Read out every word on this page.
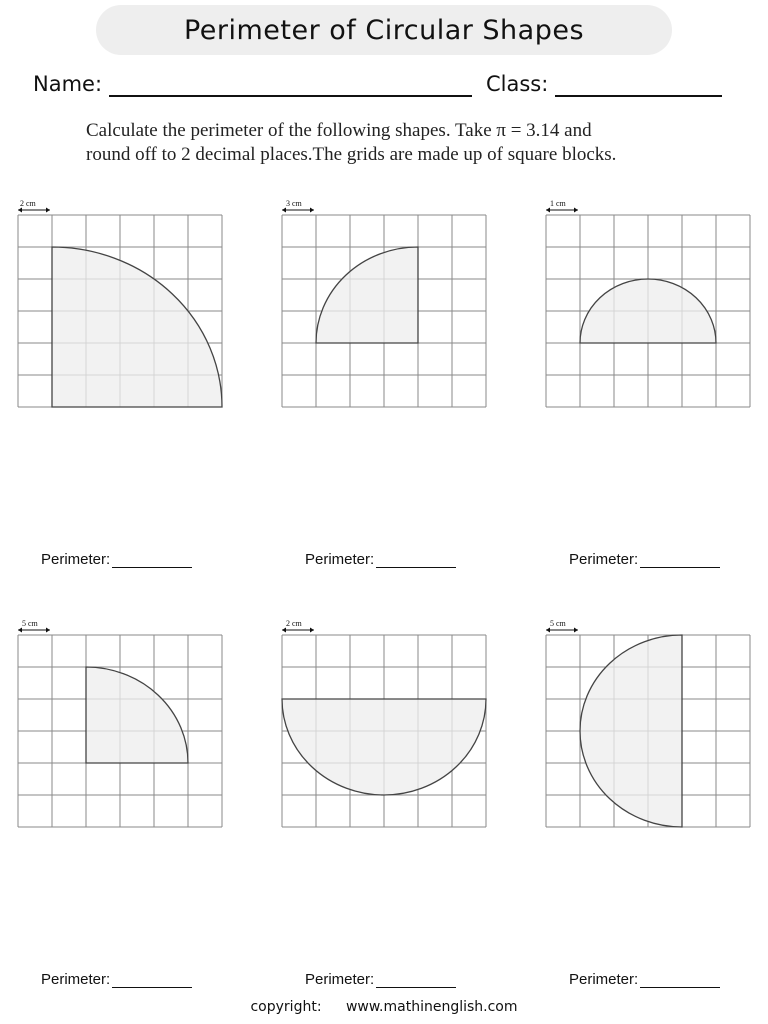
Perimeter of Circular Shapes
Name:	Class:

Calculate the perimeter of the following shapes. Take π = 3.14 and

round off to 2 decimal places.The grids are made up of square blocks.

2 cm
Perimeter:
3 cm
Perimeter:
1 cm
Perimeter:
5 cm
Perimeter:
2 cm
Perimeter:
5 cm
Perimeter:
copyright: www.mathinenglish.com
